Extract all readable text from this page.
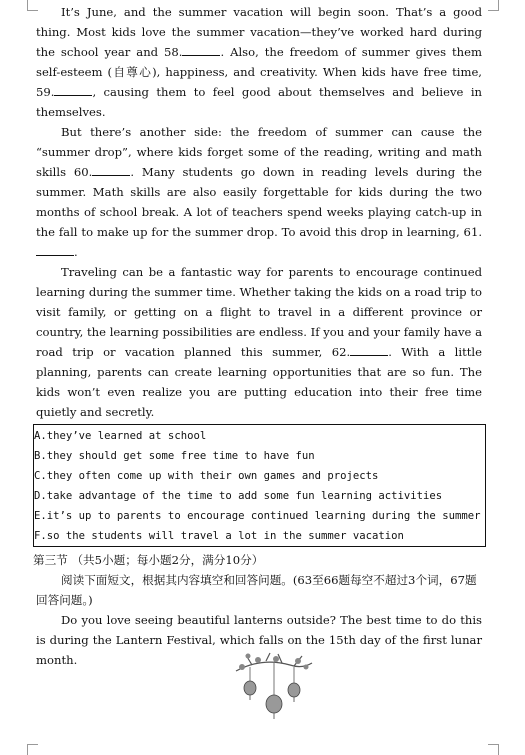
It’s June, and the summer vacation will begin soon. That’s a good thing. Most kids love the summer vacation—they’ve worked hard during the school year and 58.	. Also, the freedom of summer gives them self-esteem (自尊心), happiness, and creativity. When kids have free time, 59.	, causing them to feel good about themselves and believe in themselves.

But there’s another side: the freedom of summer can cause the “summer drop”, where kids forget some of the reading, writing and math skills 60.	. Many students go down in reading levels during the summer. Math skills are also easily forgettable for kids during the two months of school break. A lot of teachers spend weeks playing catch-up in the fall to make up for the summer drop. To avoid this drop in learning, 61..

Traveling can be a fantastic way for parents to encourage continued learning during the summer time. Whether taking the kids on a road trip to visit family, or getting on a flight to travel in a different province or country, the learning possibilities are endless. If you and your family have a road trip or vacation planned this summer, 62.	. With a little planning, parents can create learning opportunities that are so fun. The kids won’t even realize you are putting education into their free time quietly and secretly.

A.they’ve learned at school
B.they should get some free time to have fun
C.they often come up with their own games and projects
D.take advantage of the time to add some fun learning activities
E.it’s up to parents to encourage continued learning during the summer
F.so the students will travel a lot in the summer vacation
第三节 （共5小题；每小题2分，满分10分）

阅读下面短文，根据其内容填空和回答问题。(63至66题每空不超过3个词，67题回答问题。)

Do you love seeing beautiful lanterns outside? The best time to do this is during the Lantern Festival, which falls on the 15th day of the first lunar month.
